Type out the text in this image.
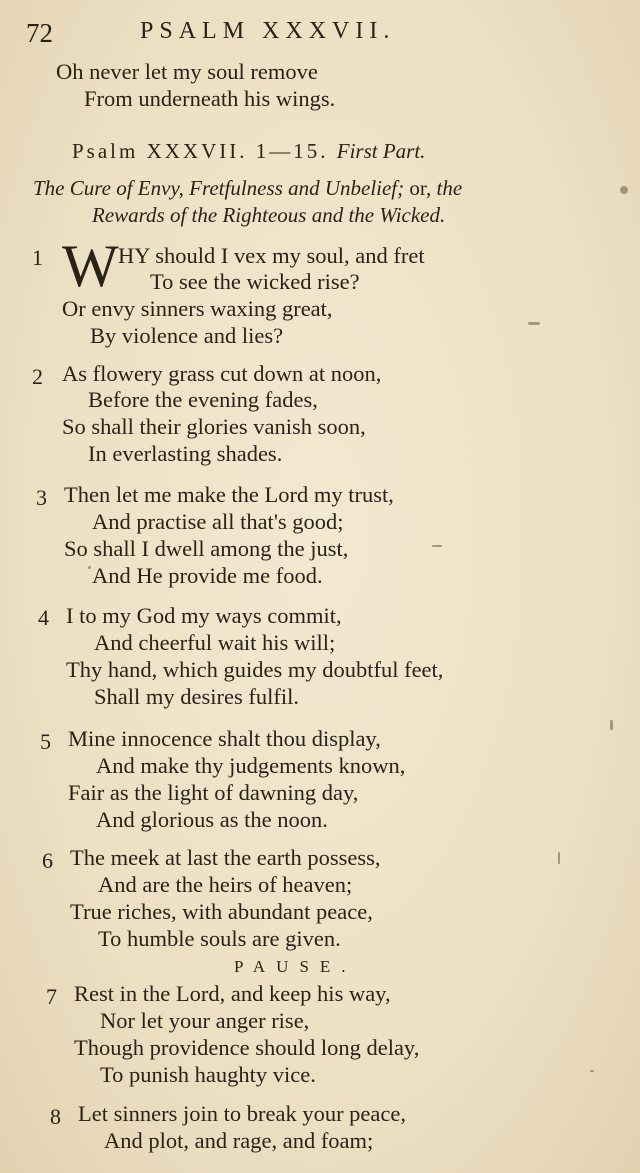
72	PSALM XXXVII.
Oh never let my soul remove
From underneath his wings.
Psalm XXXVII. 1—15. First Part.
The Cure of Envy, Fretfulness and Unbelief; or, the
Rewards of the Righteous and the Wicked.
1 W HY should I vex my soul, and fret
To see the wicked rise?
Or envy sinners waxing great,
By violence and lies?
2 As flowery grass cut down at noon,
Before the evening fades,
So shall their glories vanish soon,
In everlasting shades.
3 Then let me make the Lord my trust,
And practise all that's good;
So shall I dwell among the just,
And He provide me food.
4 I to my God my ways commit,
And cheerful wait his will;
Thy hand, which guides my doubtful feet,
Shall my desires fulfil.
5 Mine innocence shalt thou display,
And make thy judgements known,
Fair as the light of dawning day,
And glorious as the noon.
6 The meek at last the earth possess,
And are the heirs of heaven;
True riches, with abundant peace,
To humble souls are given.
PAUSE.
7 Rest in the Lord, and keep his way,
Nor let your anger rise,
Though providence should long delay,
To punish haughty vice.
8 Let sinners join to break your peace,
And plot, and rage, and foam;
